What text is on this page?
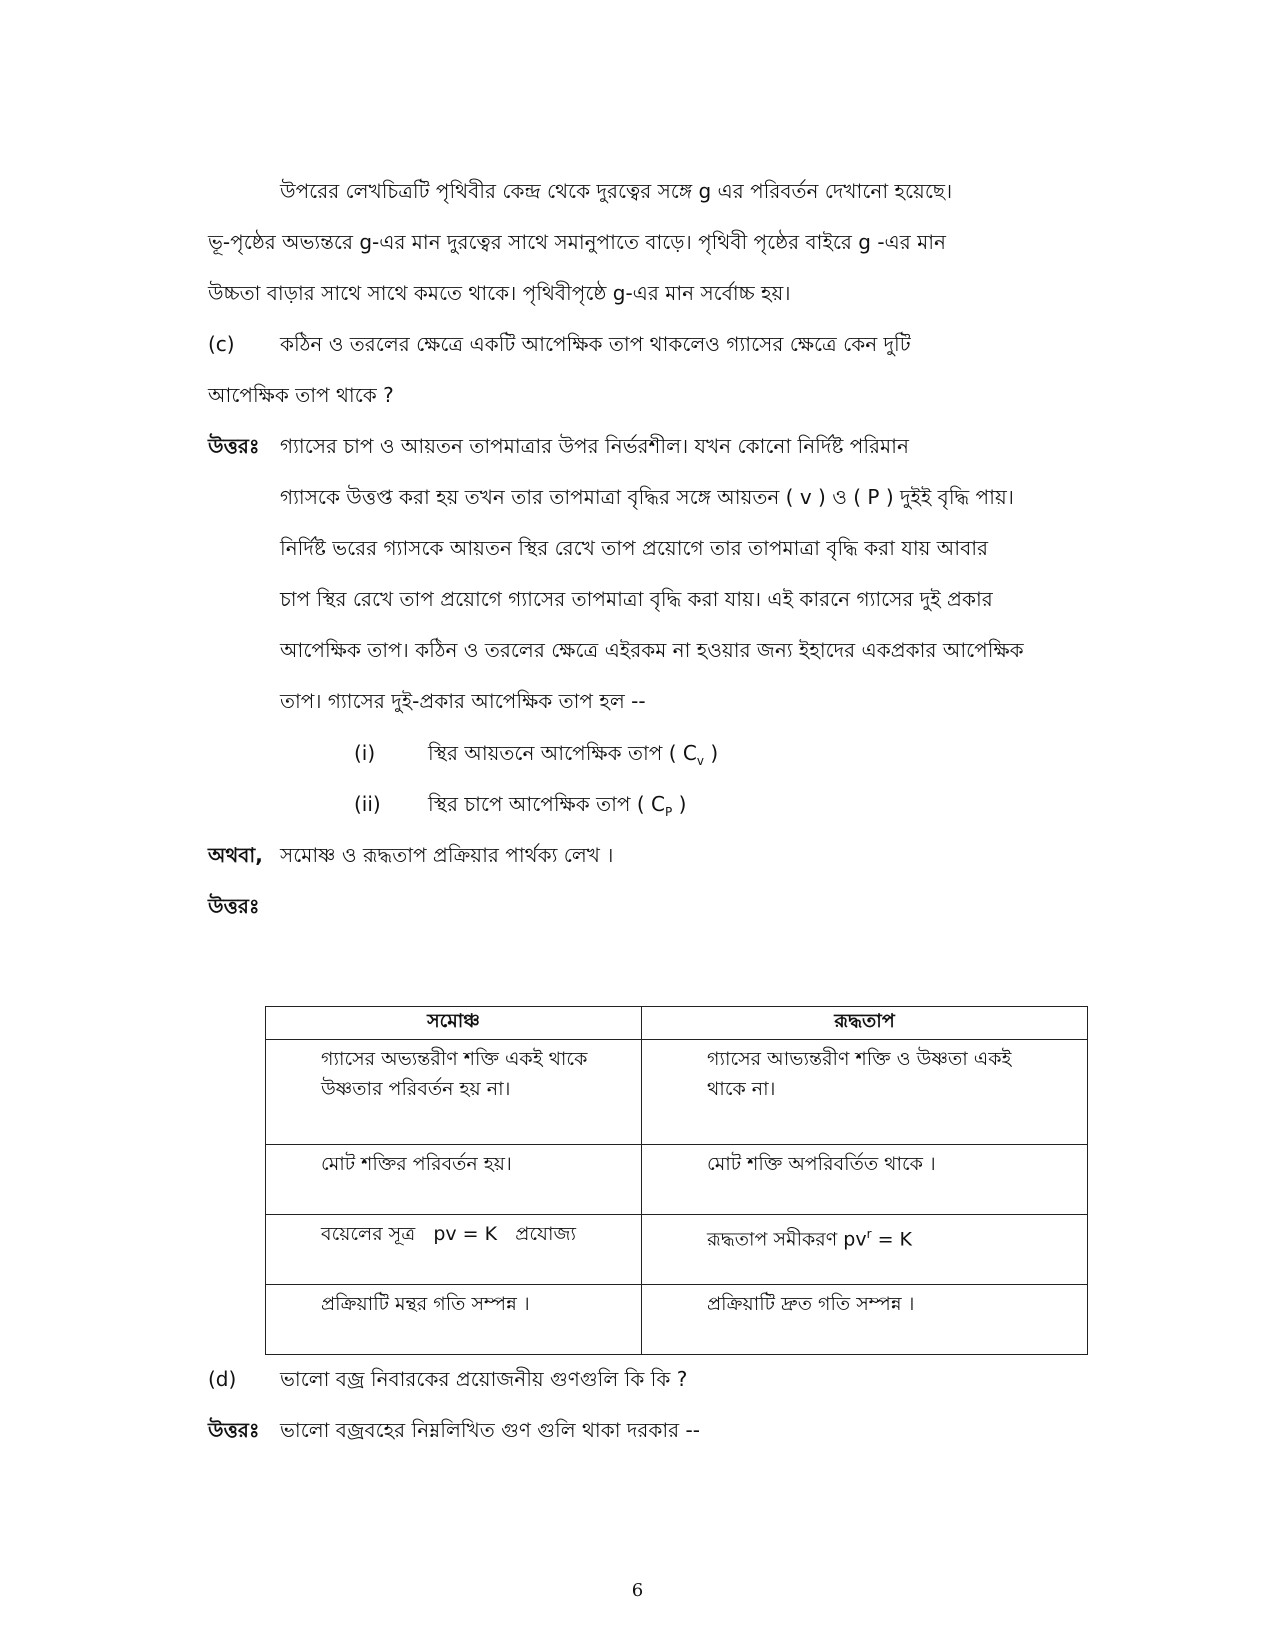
উপরের লেখচিত্রটি পৃথিবীর কেন্দ্র থেকে দুরত্বের সঙ্গে g এর পরিবর্তন দেখানো হয়েছে।
ভূ-পৃষ্ঠের অভ্যন্তরে g-এর মান দুরত্বের সাথে সমানুপাতে বাড়ে। পৃথিবী পৃষ্ঠের বাইরে g -এর মান
উচ্চতা বাড়ার সাথে সাথে কমতে থাকে। পৃথিবীপৃষ্ঠে g-এর মান সর্বোচ্চ হয়।
(c) কঠিন ও তরলের ক্ষেত্রে একটি আপেক্ষিক তাপ থাকলেও গ্যাসের ক্ষেত্রে কেন দুটি
আপেক্ষিক তাপ থাকে ?
উত্তরঃ গ্যাসের চাপ ও আয়তন তাপমাত্রার উপর নির্ভরশীল। যখন কোনো নির্দিষ্ট পরিমান
গ্যাসকে উত্তপ্ত করা হয় তখন তার তাপমাত্রা বৃদ্ধির সঙ্গে আয়তন ( v ) ও ( P ) দুইই বৃদ্ধি পায়।
নির্দিষ্ট ভরের গ্যাসকে আয়তন স্থির রেখে তাপ প্রয়োগে তার তাপমাত্রা বৃদ্ধি করা যায় আবার
চাপ স্থির রেখে তাপ প্রয়োগে গ্যাসের তাপমাত্রা বৃদ্ধি করা যায়। এই কারনে গ্যাসের দুই প্রকার
আপেক্ষিক তাপ। কঠিন ও তরলের ক্ষেত্রে এইরকম না হওয়ার জন্য ইহাদের একপ্রকার আপেক্ষিক
তাপ। গ্যাসের দুই-প্রকার আপেক্ষিক তাপ হল --
(i)	স্থির আয়তনে আপেক্ষিক তাপ ( $C_v$ )
(ii) স্থির চাপে আপেক্ষিক তাপ ( $C_P$ )
অথবা, সমোষ্ণ ও রূদ্ধতাপ প্রক্রিয়ার পার্থক্য লেখ ।
উত্তরঃ
সমোঞ্চ	রূদ্ধতাপ
গ্যাসের অভ্যন্তরীণ শক্তি একই থাকে
উষ্ণতার পরিবর্তন হয় না।	গ্যাসের আভ্যন্তরীণ শক্তি ও উষ্ণতা একই
থাকে না।
মোট শক্তির পরিবর্তন হয়।	মোট শক্তি অপরিবর্তিত থাকে ।
বয়েলের সূত্র   pv = K   প্রযোজ্য	রূদ্ধতাপ সমীকরণ $pv^r = K$
প্রক্রিয়াটি মন্থর গতি সম্পন্ন ।	প্রক্রিয়াটি দ্রুত গতি সম্পন্ন ।
(d) ভালো বজ্র নিবারকের প্রয়োজনীয় গুণগুলি কি কি ?
উত্তরঃ ভালো বজ্রবহের নিম্নলিখিত গুণ গুলি থাকা দরকার --
6
